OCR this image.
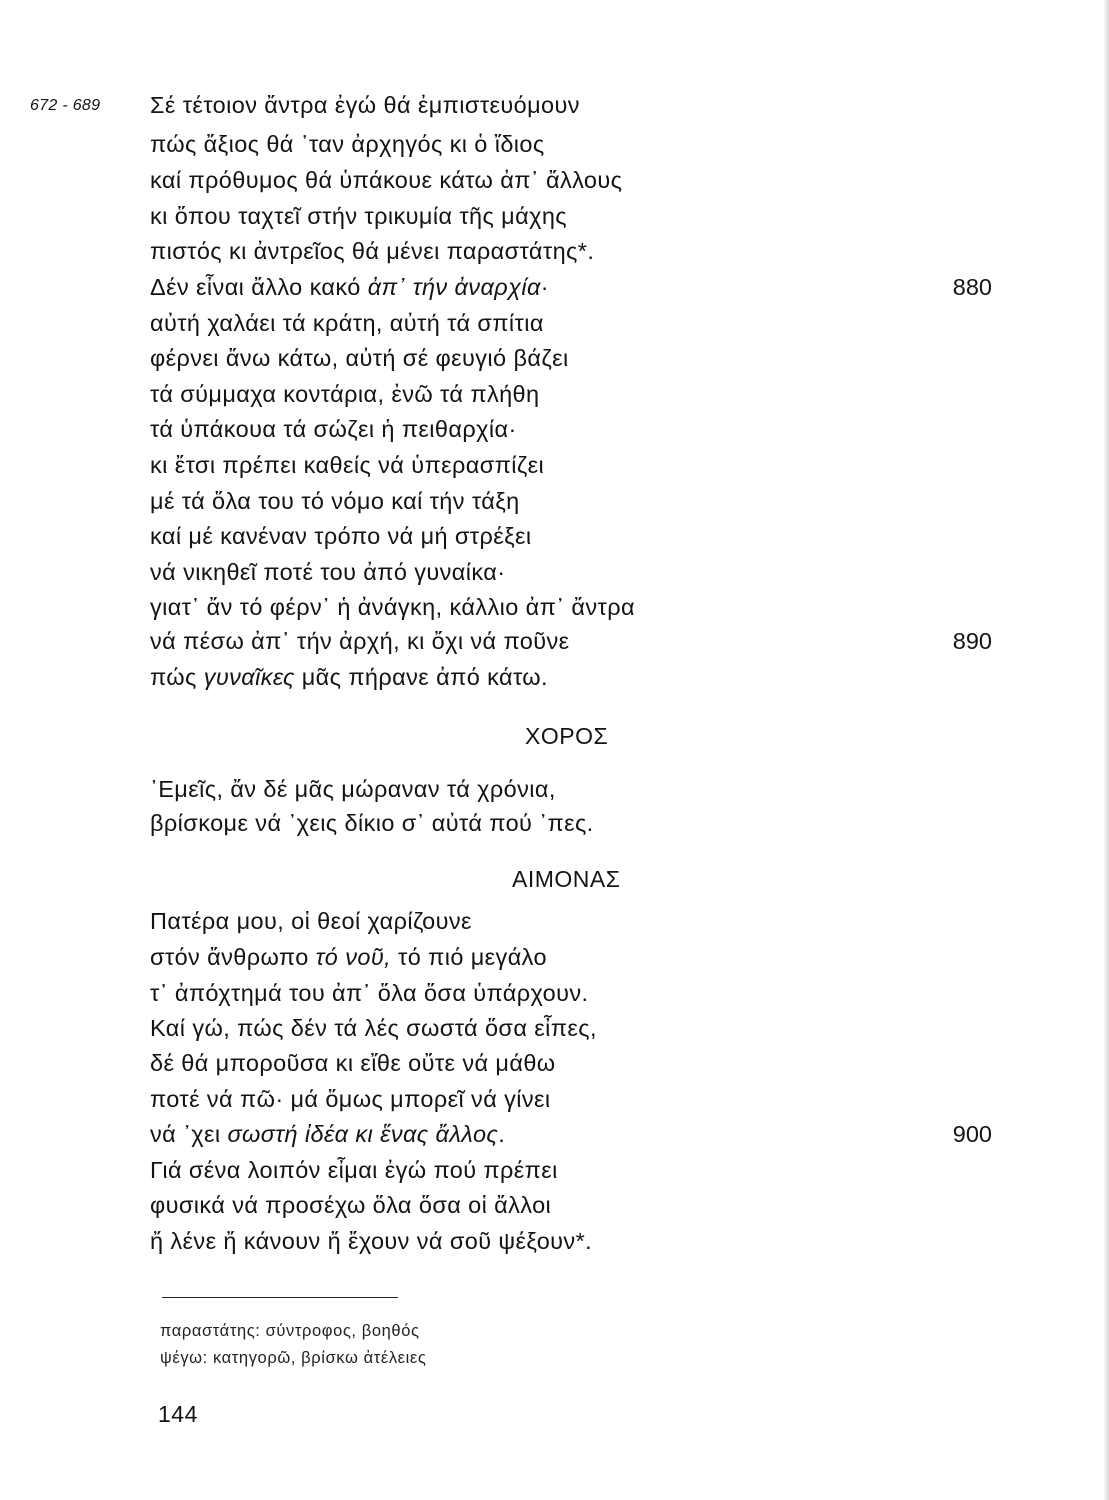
672 - 689 Σέ τέτοιον ἄντρα ἐγώ θά ἐμπιστευόμουν
πώς ἄξιος θά ᾿ταν ἀρχηγός κι ὁ ἴδιος
καί πρόθυμος θά ὑπάκουε κάτω ἀπ᾿ ἄλλους
κι ὅπου ταχτεῖ στήν τρικυμία τῆς μάχης
πιστός κι ἀντρεῖος θά μένει παραστάτης*.
Δέν εἶναι ἄλλο κακό ἀπ᾿ τήν ἀναρχία·	880
αὐτή χαλάει τά κράτη, αὐτή τά σπίτια
φέρνει ἄνω κάτω, αὐτή σέ φευγιό βάζει
τά σύμμαχα κοντάρια, ἐνῶ τά πλήθη
τά ὑπάκουα τά σώζει ἡ πειθαρχία·
κι ἔτσι πρέπει καθείς νά ὑπερασπίζει
μέ τά ὅλα του τό νόμο καί τήν τάξη
καί μέ κανέναν τρόπο νά μή στρέξει
νά νικηθεῖ ποτέ του ἀπό γυναίκα·
γιατ᾿ ἄν τό φέρν᾿ ἡ ἀνάγκη, κάλλιο ἀπ᾿ ἄντρα
νά πέσω ἀπ᾿ τήν ἀρχή, κι ὄχι νά ποῦνε	890
πώς γυναῖκες μᾶς πήρανε ἀπό κάτω.
ΧΟΡΟΣ
᾿Εμεῖς, ἄν δέ μᾶς μώραναν τά χρόνια,
βρίσκομε νά ᾿χεις δίκιο σ᾿ αὐτά πού ᾿πες.
ΑΙΜΟΝΑΣ
Πατέρα μου, οἱ θεοί χαρίζουνε
στόν ἄνθρωπο τό νοῦ, τό πιό μεγάλο
τ᾿ ἀπόχτημά του ἀπ᾿ ὅλα ὅσα ὑπάρχουν.
Καί γώ, πώς δέν τά λές σωστά ὅσα εἶπες,
δέ θά μποροῦσα κι εἴθε οὔτε νά μάθω
ποτέ νά πῶ· μά ὅμως μπορεῖ νά γίνει
νά ᾿χει σωστή ἰδέα κι ἕνας ἄλλος.	900
Γιά σένα λοιπόν εἶμαι ἐγώ πού πρέπει
φυσικά νά προσέχω ὅλα ὅσα οἱ ἄλλοι
ἤ λένε ἤ κάνουν ἤ ἔχουν νά σοῦ ψέξουν*.
παραστάτης: σύντροφος, βοηθός
ψέγω: κατηγορῶ, βρίσκω ἀτέλειες
144
